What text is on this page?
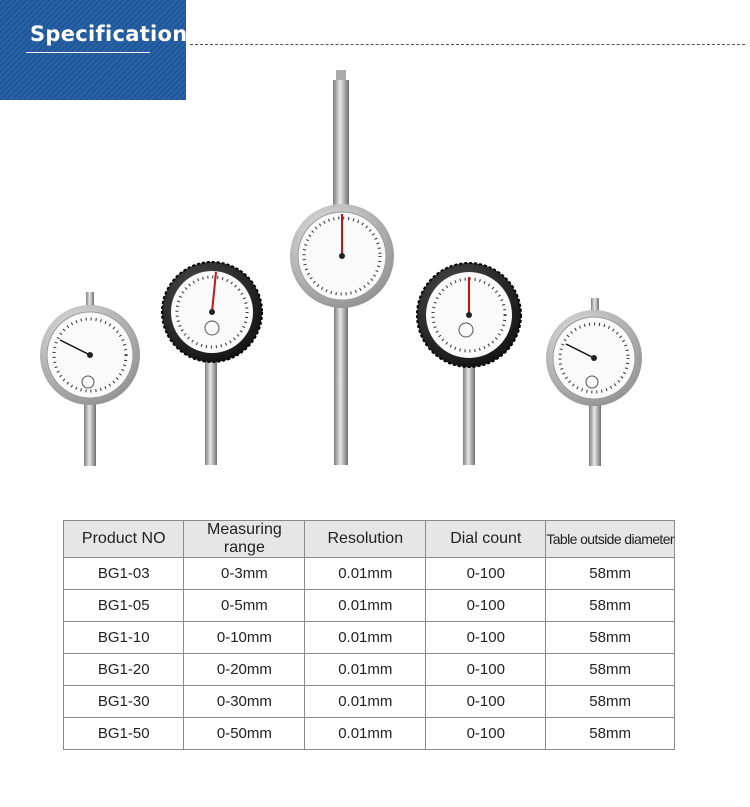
Specification
Product NO	Measuring range	Resolution	Dial count	Table outside diameter
BG1-03	0-3mm	0.01mm	0-100	58mm
BG1-05	0-5mm	0.01mm	0-100	58mm
BG1-10	0-10mm	0.01mm	0-100	58mm
BG1-20	0-20mm	0.01mm	0-100	58mm
BG1-30	0-30mm	0.01mm	0-100	58mm
BG1-50	0-50mm	0.01mm	0-100	58mm
